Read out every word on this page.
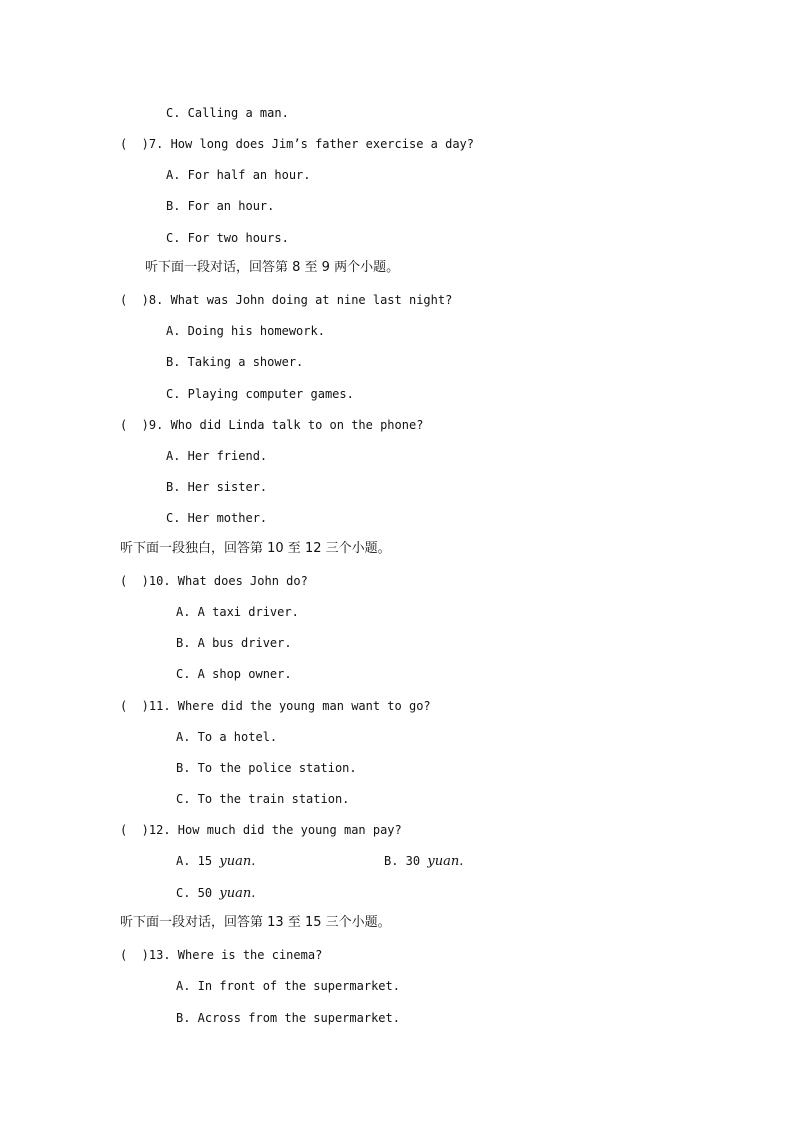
C. Calling a man.
(  )7. How long does Jim’s father exercise a day?
A. For half an hour.
B. For an hour.
C. For two hours.
听下面一段对话，回答第 8 至 9 两个小题。
(  )8. What was John doing at nine last night?
A. Doing his homework.
B. Taking a shower.
C. Playing computer games.
(  )9. Who did Linda talk to on the phone?
A. Her friend.
B. Her sister.
C. Her mother.
听下面一段独白，回答第 10 至 12 三个小题。
(  )10. What does John do?
A. A taxi driver.
B. A bus driver.
C. A shop owner.
(  )11. Where did the young man want to go?
A. To a hotel.
B. To the police station.
C. To the train station.
(  )12. How much did the young man pay?
A. 15 yuan.	B. 30 yuan.
C. 50 yuan.
听下面一段对话，回答第 13 至 15 三个小题。
(  )13. Where is the cinema?
A. In front of the supermarket.
B. Across from the supermarket.
